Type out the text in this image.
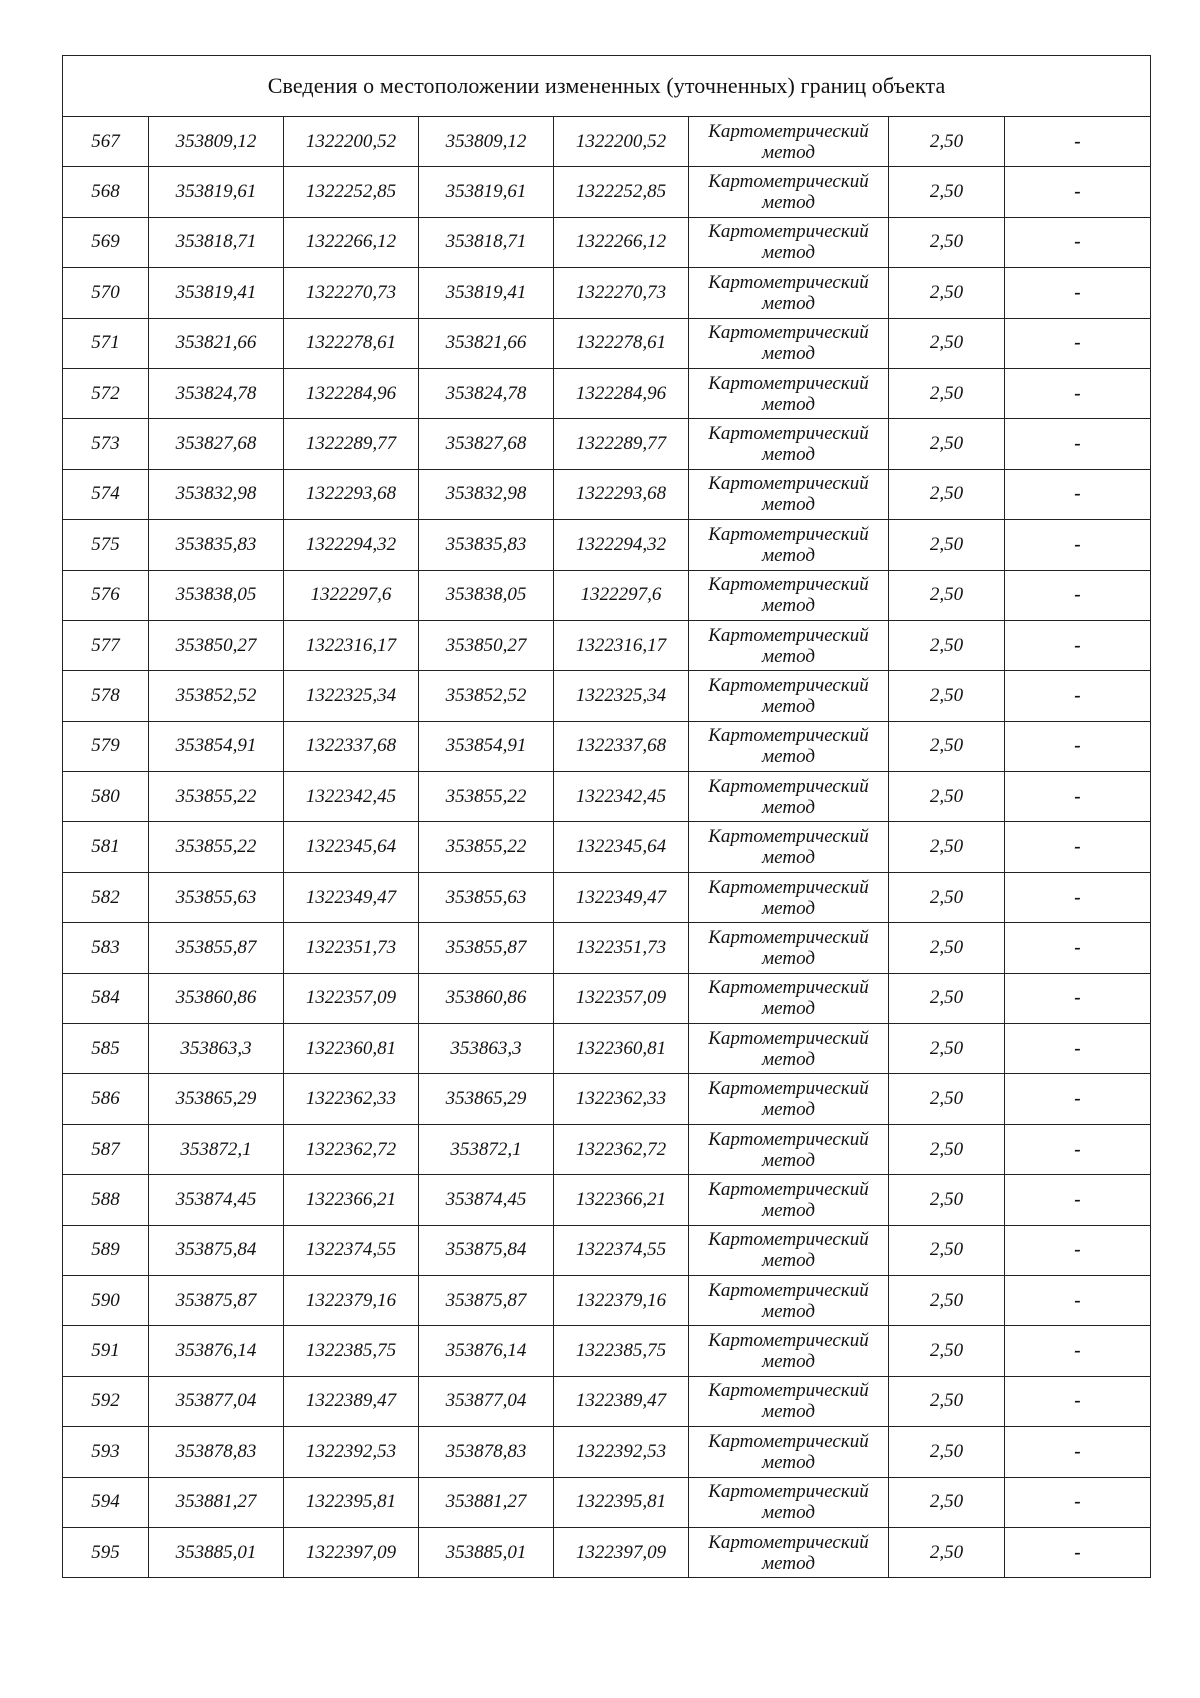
Сведения о местоположении измененных (уточненных) границ объекта							
567	353809,12	1322200,52	353809,12	1322200,52	Картометрический
метод	2,50	-
568	353819,61	1322252,85	353819,61	1322252,85	Картометрический
метод	2,50	-
569	353818,71	1322266,12	353818,71	1322266,12	Картометрический
метод	2,50	-
570	353819,41	1322270,73	353819,41	1322270,73	Картометрический
метод	2,50	-
571	353821,66	1322278,61	353821,66	1322278,61	Картометрический
метод	2,50	-
572	353824,78	1322284,96	353824,78	1322284,96	Картометрический
метод	2,50	-
573	353827,68	1322289,77	353827,68	1322289,77	Картометрический
метод	2,50	-
574	353832,98	1322293,68	353832,98	1322293,68	Картометрический
метод	2,50	-
575	353835,83	1322294,32	353835,83	1322294,32	Картометрический
метод	2,50	-
576	353838,05	1322297,6	353838,05	1322297,6	Картометрический
метод	2,50	-
577	353850,27	1322316,17	353850,27	1322316,17	Картометрический
метод	2,50	-
578	353852,52	1322325,34	353852,52	1322325,34	Картометрический
метод	2,50	-
579	353854,91	1322337,68	353854,91	1322337,68	Картометрический
метод	2,50	-
580	353855,22	1322342,45	353855,22	1322342,45	Картометрический
метод	2,50	-
581	353855,22	1322345,64	353855,22	1322345,64	Картометрический
метод	2,50	-
582	353855,63	1322349,47	353855,63	1322349,47	Картометрический
метод	2,50	-
583	353855,87	1322351,73	353855,87	1322351,73	Картометрический
метод	2,50	-
584	353860,86	1322357,09	353860,86	1322357,09	Картометрический
метод	2,50	-
585	353863,3	1322360,81	353863,3	1322360,81	Картометрический
метод	2,50	-
586	353865,29	1322362,33	353865,29	1322362,33	Картометрический
метод	2,50	-
587	353872,1	1322362,72	353872,1	1322362,72	Картометрический
метод	2,50	-
588	353874,45	1322366,21	353874,45	1322366,21	Картометрический
метод	2,50	-
589	353875,84	1322374,55	353875,84	1322374,55	Картометрический
метод	2,50	-
590	353875,87	1322379,16	353875,87	1322379,16	Картометрический
метод	2,50	-
591	353876,14	1322385,75	353876,14	1322385,75	Картометрический
метод	2,50	-
592	353877,04	1322389,47	353877,04	1322389,47	Картометрический
метод	2,50	-
593	353878,83	1322392,53	353878,83	1322392,53	Картометрический
метод	2,50	-
594	353881,27	1322395,81	353881,27	1322395,81	Картометрический
метод	2,50	-
595	353885,01	1322397,09	353885,01	1322397,09	Картометрический
метод	2,50	-
